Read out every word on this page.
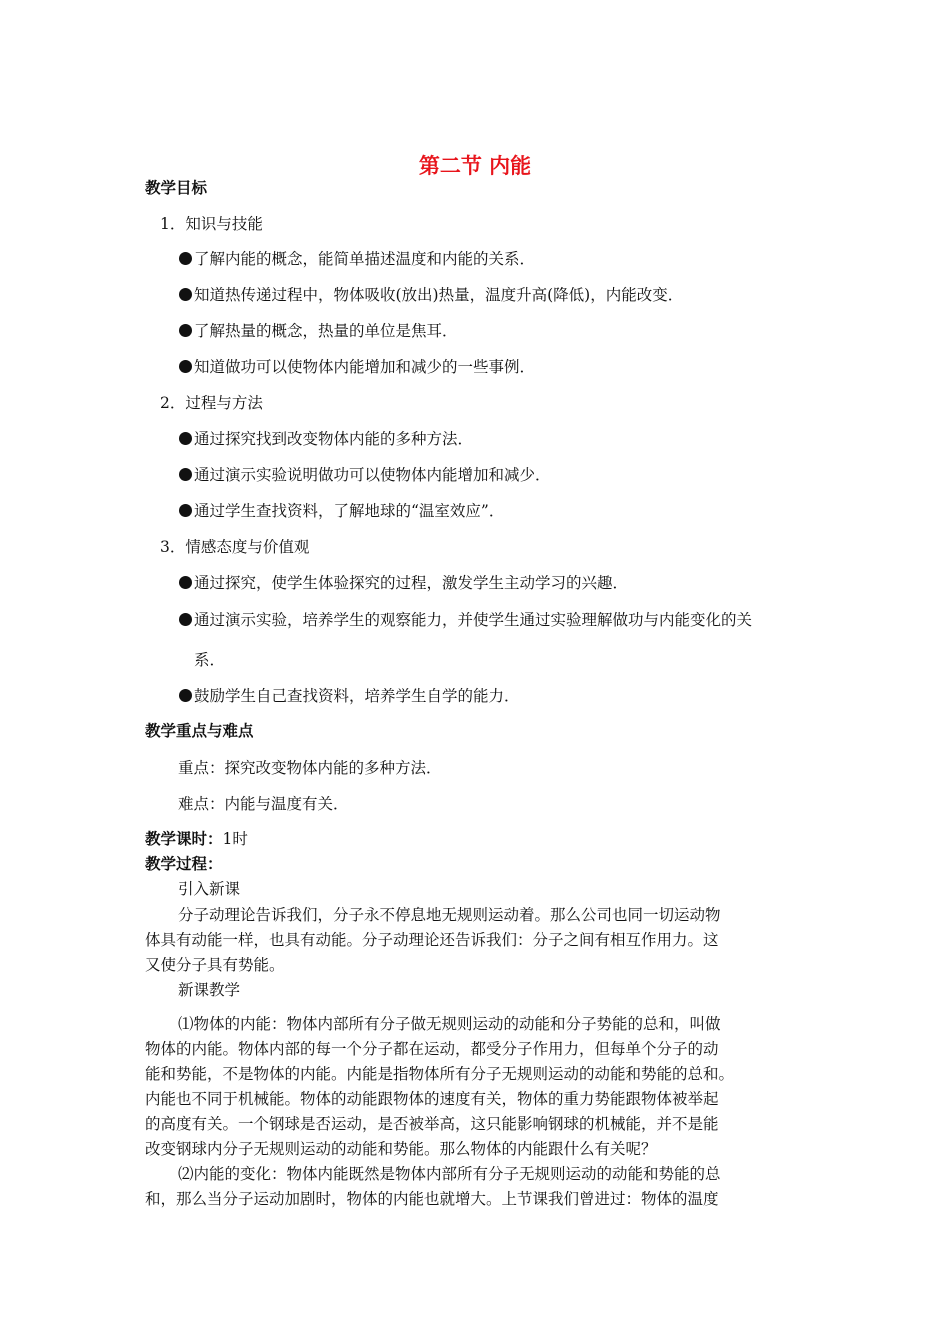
第二节 内能
教学目标
1．知识与技能
了解内能的概念，能简单描述温度和内能的关系．
知道热传递过程中，物体吸收(放出)热量，温度升高(降低)，内能改变．
了解热量的概念，热量的单位是焦耳．
知道做功可以使物体内能增加和减少的一些事例．
2．过程与方法
通过探究找到改变物体内能的多种方法．
通过演示实验说明做功可以使物体内能增加和减少．
通过学生查找资料，了解地球的“温室效应”．
3．情感态度与价值观
通过探究，使学生体验探究的过程，激发学生主动学习的兴趣．
通过演示实验，培养学生的观察能力，并使学生通过实验理解做功与内能变化的关
系．
鼓励学生自己查找资料，培养学生自学的能力．
教学重点与难点
重点：探究改变物体内能的多种方法．
难点：内能与温度有关．
教学课时：1时
教学过程：
引入新课
分子动理论告诉我们，分子永不停息地无规则运动着。那么公司也同一切运动物
体具有动能一样，也具有动能。分子动理论还告诉我们：分子之间有相互作用力。这
又使分子具有势能。
新课教学
⑴物体的内能：物体内部所有分子做无规则运动的动能和分子势能的总和，叫做
物体的内能。物体内部的每一个分子都在运动，都受分子作用力，但每单个分子的动
能和势能，不是物体的内能。内能是指物体所有分子无规则运动的动能和势能的总和。
内能也不同于机械能。物体的动能跟物体的速度有关，物体的重力势能跟物体被举起
的高度有关。一个钢球是否运动，是否被举高，这只能影响钢球的机械能，并不是能
改变钢球内分子无规则运动的动能和势能。那么物体的内能跟什么有关呢？
⑵内能的变化：物体内能既然是物体内部所有分子无规则运动的动能和势能的总
和，那么当分子运动加剧时，物体的内能也就增大。上节课我们曾进过：物体的温度
